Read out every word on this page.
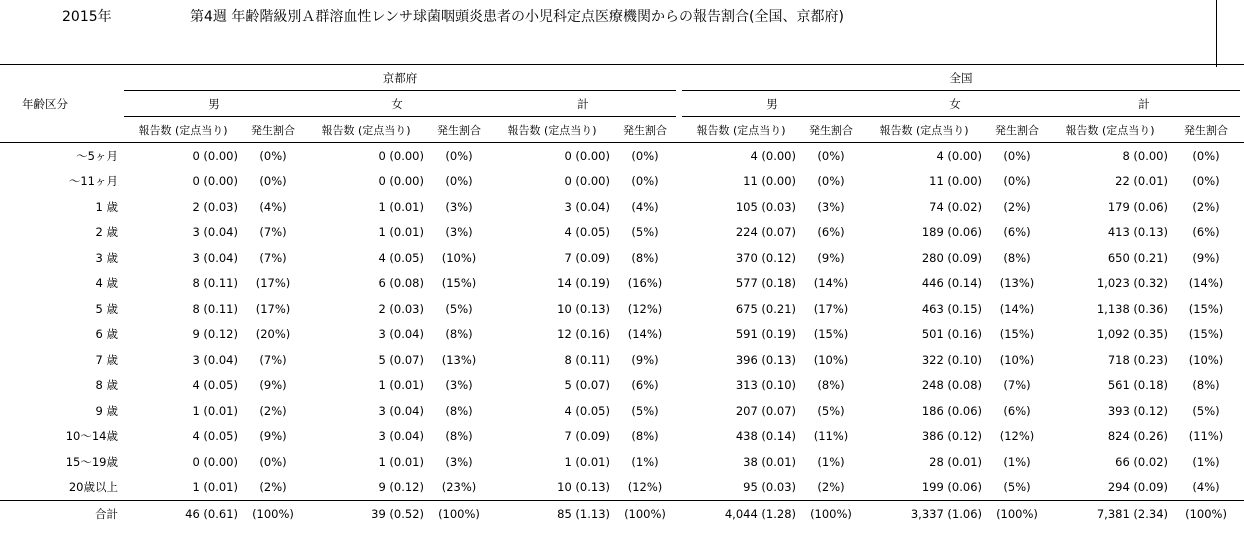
2015年	第4週 年齢階級別Ａ群溶血性レンサ球菌咽頭炎患者の小児科定点医療機関からの報告割合(全国、京都府)
年齢区分	京都府							全国						
	男		女		計			男		女		計		
	報告数 (定点当り)	発生割合	報告数 (定点当り)	発生割合	報告数 (定点当り)	発生割合		報告数 (定点当り)	発生割合	報告数 (定点当り)	発生割合	報告数 (定点当り)	発生割合	
～5ヶ月	0 (0.00)	(0%)	0 (0.00)	(0%)	0 (0.00)	(0%)		4 (0.00)	(0%)	4 (0.00)	(0%)	8 (0.00)	(0%)	
～11ヶ月	0 (0.00)	(0%)	0 (0.00)	(0%)	0 (0.00)	(0%)		11 (0.00)	(0%)	11 (0.00)	(0%)	22 (0.01)	(0%)	
1 歳	2 (0.03)	(4%)	1 (0.01)	(3%)	3 (0.04)	(4%)		105 (0.03)	(3%)	74 (0.02)	(2%)	179 (0.06)	(2%)	
2 歳	3 (0.04)	(7%)	1 (0.01)	(3%)	4 (0.05)	(5%)		224 (0.07)	(6%)	189 (0.06)	(6%)	413 (0.13)	(6%)	
3 歳	3 (0.04)	(7%)	4 (0.05)	(10%)	7 (0.09)	(8%)		370 (0.12)	(9%)	280 (0.09)	(8%)	650 (0.21)	(9%)	
4 歳	8 (0.11)	(17%)	6 (0.08)	(15%)	14 (0.19)	(16%)		577 (0.18)	(14%)	446 (0.14)	(13%)	1,023 (0.32)	(14%)	
5 歳	8 (0.11)	(17%)	2 (0.03)	(5%)	10 (0.13)	(12%)		675 (0.21)	(17%)	463 (0.15)	(14%)	1,138 (0.36)	(15%)	
6 歳	9 (0.12)	(20%)	3 (0.04)	(8%)	12 (0.16)	(14%)		591 (0.19)	(15%)	501 (0.16)	(15%)	1,092 (0.35)	(15%)	
7 歳	3 (0.04)	(7%)	5 (0.07)	(13%)	8 (0.11)	(9%)		396 (0.13)	(10%)	322 (0.10)	(10%)	718 (0.23)	(10%)	
8 歳	4 (0.05)	(9%)	1 (0.01)	(3%)	5 (0.07)	(6%)		313 (0.10)	(8%)	248 (0.08)	(7%)	561 (0.18)	(8%)	
9 歳	1 (0.01)	(2%)	3 (0.04)	(8%)	4 (0.05)	(5%)		207 (0.07)	(5%)	186 (0.06)	(6%)	393 (0.12)	(5%)	
10～14歳	4 (0.05)	(9%)	3 (0.04)	(8%)	7 (0.09)	(8%)		438 (0.14)	(11%)	386 (0.12)	(12%)	824 (0.26)	(11%)	
15～19歳	0 (0.00)	(0%)	1 (0.01)	(3%)	1 (0.01)	(1%)		38 (0.01)	(1%)	28 (0.01)	(1%)	66 (0.02)	(1%)	
20歳以上	1 (0.01)	(2%)	9 (0.12)	(23%)	10 (0.13)	(12%)		95 (0.03)	(2%)	199 (0.06)	(5%)	294 (0.09)	(4%)	
合計	46 (0.61)	(100%)	39 (0.52)	(100%)	85 (1.13)	(100%)		4,044 (1.28)	(100%)	3,337 (1.06)	(100%)	7,381 (2.34)	(100%)	
